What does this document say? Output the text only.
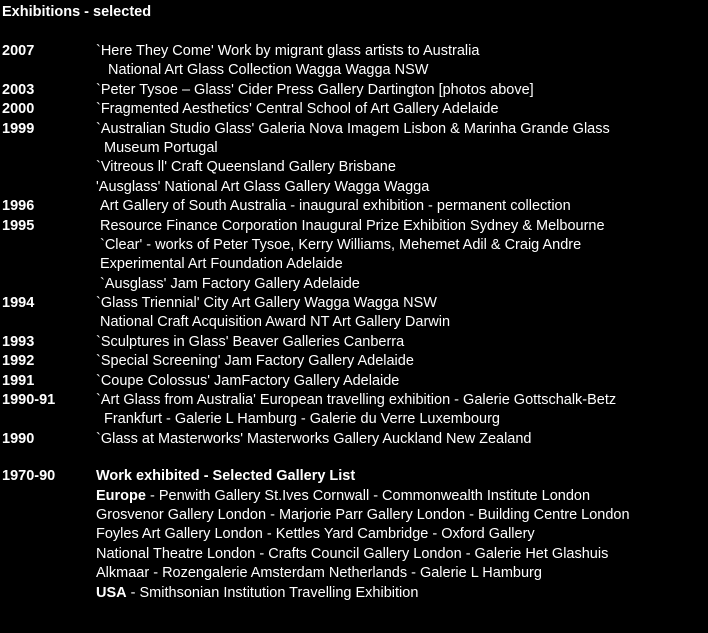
Exhibitions - selected
2007	`Here They Come' Work by migrant glass artists to Australia
National Art Glass Collection Wagga Wagga NSW
2003	`Peter Tysoe – Glass' Cider Press Gallery Dartington [photos above]
2000	`Fragmented Aesthetics' Central School of Art Gallery Adelaide
1999	`Australian Studio Glass' Galeria Nova Imagem Lisbon & Marinha Grande Glass
Museum Portugal
`Vitreous ll' Craft Queensland Gallery Brisbane
'Ausglass' National Art Glass Gallery Wagga Wagga
1996	Art Gallery of South Australia - inaugural exhibition - permanent collection
1995	Resource Finance Corporation Inaugural Prize Exhibition Sydney & Melbourne
`Clear' - works of Peter Tysoe, Kerry Williams, Mehemet Adil & Craig Andre
Experimental Art Foundation Adelaide
`Ausglass' Jam Factory Gallery Adelaide
1994	`Glass Triennial' City Art Gallery Wagga Wagga NSW
National Craft Acquisition Award NT Art Gallery Darwin
1993	`Sculptures in Glass' Beaver Galleries Canberra
1992	`Special Screening' Jam Factory Gallery Adelaide
1991	`Coupe Colossus' JamFactory Gallery Adelaide
1990-91	`Art Glass from Australia' European travelling exhibition - Galerie Gottschalk-Betz
Frankfurt - Galerie L Hamburg - Galerie du Verre Luxembourg
1990	`Glass at Masterworks' Masterworks Gallery Auckland New Zealand
1970-90	Work exhibited - Selected Gallery List
Europe - Penwith Gallery St.Ives Cornwall - Commonwealth Institute London
Grosvenor Gallery London - Marjorie Parr Gallery London - Building Centre London
Foyles Art Gallery London - Kettles Yard Cambridge - Oxford Gallery
National Theatre London - Crafts Council Gallery London - Galerie Het Glashuis
Alkmaar - Rozengalerie Amsterdam Netherlands - Galerie L Hamburg
USA - Smithsonian Institution Travelling Exhibition
